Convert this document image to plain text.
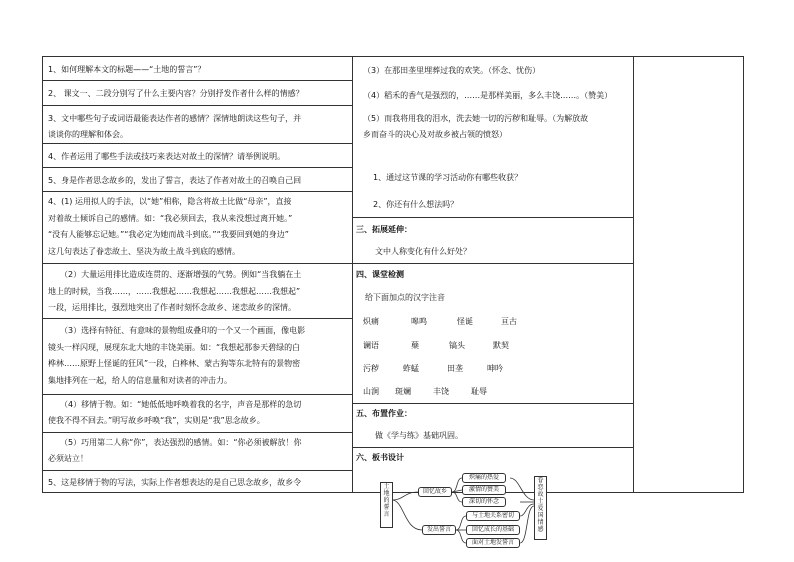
1、如何理解本文的标题——“土地的誓言”？
2、 课文一、二段分别写了什么主要内容？分别抒发作者什么样的情感？
3、文中哪些句子或词语最能表达作者的感情？深情地朗读这些句子，并
谈谈你的理解和体会。
4、作者运用了哪些手法或技巧来表达对故土的深情？请举例说明。
5、身是作者思念故乡的，发出了誓言，表达了作者对故土的召唤自己回
4、(1) 运用拟人的手法，以“她”相称，隐含将故土比做“母亲”，直接
对着故土倾诉自己的感情。如：“我必须回去，我从来没想过离开她。”
“没有人能够忘记她。”“我必定为她而战斗到底。”“我要回到她的身边”
这几句表达了眷恋故土、坚决为故土战斗到底的感情。
（2）大量运用排比造成连贯的、逐渐增强的气势。例如“当我躺在土
地上的时候，当我……，……我想起……我想起……我想起……我想起”
一段，运用排比，强烈地突出了作者时刻怀念故乡、迷恋故乡的深情。
（3）选择有特征、有意味的景物组成叠印的一个又一个画面，像电影
镜头一样闪现，展现东北大地的丰饶美丽。如：“我想起那参天碧绿的白
桦林……原野上怪诞的狂风”一段，白桦林、蒙古狗等东北特有的景物密
集地排列在一起，给人的信息量和对读者的冲击力。
（4）移情于物。如：“她低低地呼唤着我的名字，声音是那样的急切
使我不得不回去。”明写故乡呼唤“我”，实则是“我”思念故乡。
（5）巧用第二人称“你”，表达强烈的感情。如：“你必须被解放！你
必须站立！
5、这是移情于物的写法，实际上作者想表达的是自己思念故乡，故乡令
（3）在那田垄里埋葬过我的欢笑。（怀念、忧伤）
（4）稻禾的香气是强烈的，……是那样美丽，多么丰饶……。（赞美）
（5）而我将用我的泪水，洗去她一切的污秽和耻辱。（为解放故
乡而奋斗的决心及对故乡被占领的愤怒）
1、通过这节课的学习活动你有哪些收获？
2、你还有什么想法吗？
三、拓展延伸：
文中人称变化有什么好处？
四、课堂检测
给下面加点的汉字注音
炽痛	嗥鸣	怪诞	亘古
谰语	蘖	镐头	默契
污秽	蚱蜢	田垄	呻吟
山涧 斑斓	丰饶	耻辱
五、布置作业：
做《学与练》基础巩固。
六、板书设计
土
地
的
誓
言
回忆故乡
发出誓言
炽痛的热爱
激情的赞美
深切的怀念
与土地关系密切
回忆成长的基础
面对土地发誓言
眷
恋
故
土
爱
国
情
感
